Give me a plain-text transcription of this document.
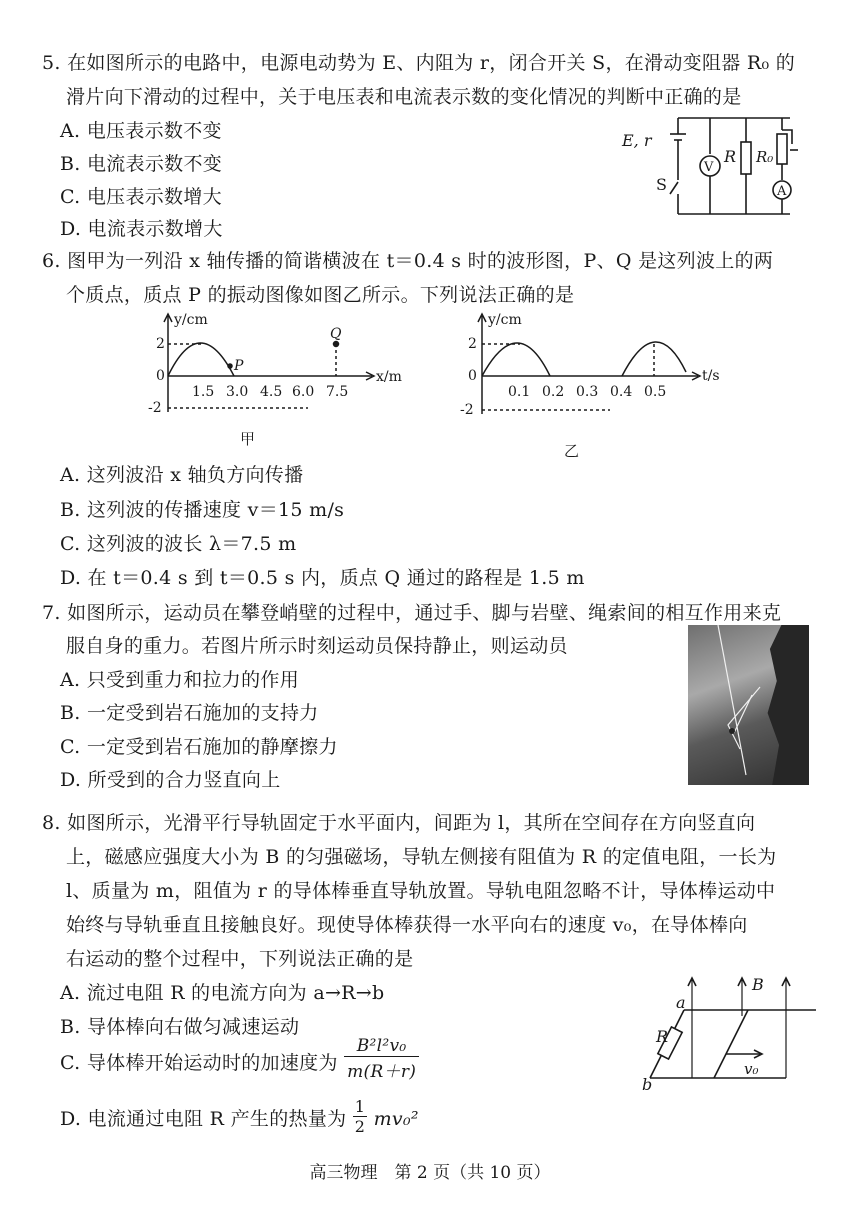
5. 在如图所示的电路中，电源电动势为 E、内阻为 r，闭合开关 S，在滑动变阻器 R₀ 的
滑片向下滑动的过程中，关于电压表和电流表示数的变化情况的判断中正确的是
A. 电压表示数不变
B. 电流表示数不变
C. 电压表示数增大
D. 电流表示数增大
E, r
S
V
R R₀
A
6. 图甲为一列沿 x 轴传播的简谐横波在 t＝0.4 s 时的波形图，P、Q 是这列波上的两
个质点，质点 P 的振动图像如图乙所示。下列说法正确的是
y/cm
x/m
2
0
-2
1.5 3.0 4.5 6.0 7.5
P
Q
甲
y/cm
t/s
2
0
-2
0.1 0.2 0.3 0.4 0.5
乙
A. 这列波沿 x 轴负方向传播
B. 这列波的传播速度 v＝15 m/s
C. 这列波的波长 λ＝7.5 m
D. 在 t＝0.4 s 到 t＝0.5 s 内，质点 Q 通过的路程是 1.5 m
7. 如图所示，运动员在攀登峭壁的过程中，通过手、脚与岩壁、绳索间的相互作用来克
服自身的重力。若图片所示时刻运动员保持静止，则运动员
A. 只受到重力和拉力的作用
B. 一定受到岩石施加的支持力
C. 一定受到岩石施加的静摩擦力
D. 所受到的合力竖直向上
8. 如图所示，光滑平行导轨固定于水平面内，间距为 l，其所在空间存在方向竖直向
上，磁感应强度大小为 B 的匀强磁场，导轨左侧接有阻值为 R 的定值电阻，一长为
l、质量为 m，阻值为 r 的导体棒垂直导轨放置。导轨电阻忽略不计，导体棒运动中
始终与导轨垂直且接触良好。现使导体棒获得一水平向右的速度 v₀，在导体棒向
右运动的整个过程中，下列说法正确的是
A. 流过电阻 R 的电流方向为 a→R→b
B. 导体棒向右做匀减速运动
C. 导体棒开始运动时的加速度为 $\frac{\text{B²l²v₀}}{m(R+r)}$
D. 电流通过电阻 R 产生的热量为 $\frac{1}{2} mv_0^2$
a
b
R
B
v₀
高三物理　第 2 页（共 10 页）
